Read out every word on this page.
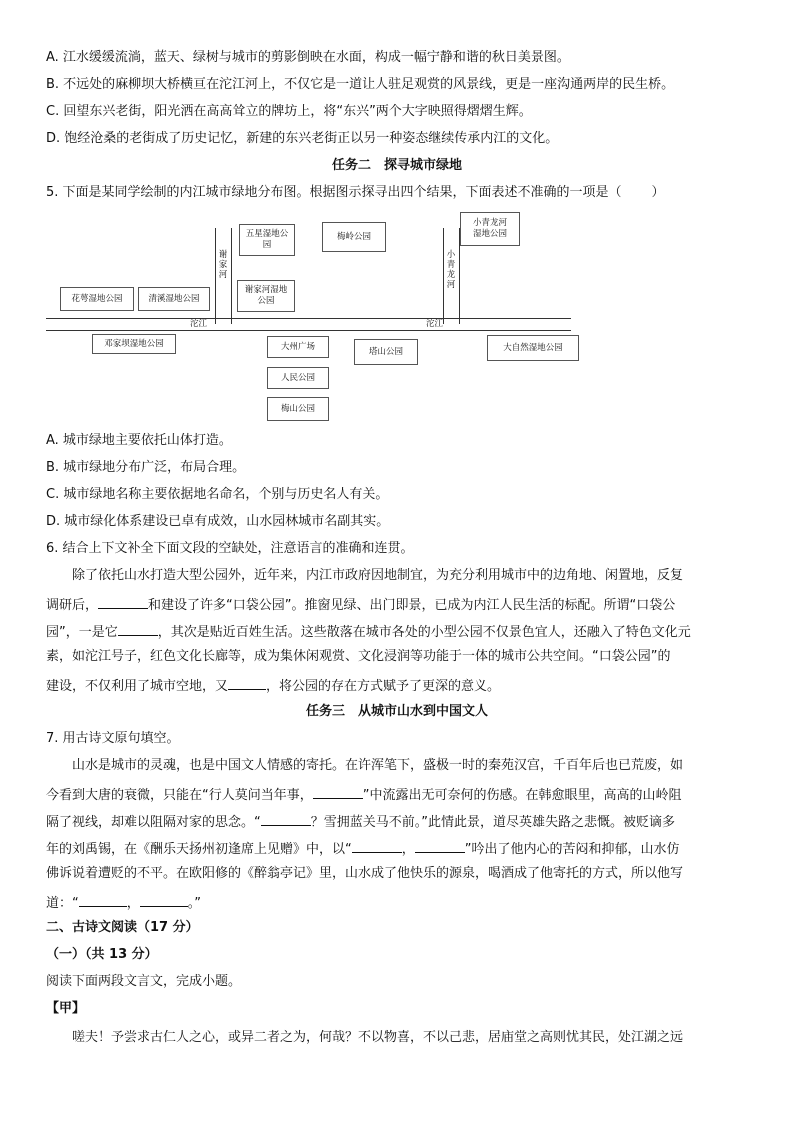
A. 江水缓缓流淌，蓝天、绿树与城市的剪影倒映在水面，构成一幅宁静和谐的秋日美景图。
B. 不远处的麻柳坝大桥横亘在沱江河上，不仅它是一道让人驻足观赏的风景线，更是一座沟通两岸的民生桥。
C. 回望东兴老街，阳光洒在高高耸立的牌坊上，将“东兴”两个大字映照得熠熠生辉。
D. 饱经沧桑的老街成了历史记忆，新建的东兴老街正以另一种姿态继续传承内江的文化。
任务二　探寻城市绿地
5. 下面是某同学绘制的内江城市绿地分布图。根据图示探寻出四个结果，下面表述不准确的一项是（ ）
谢家河
小青龙河
沱江	沱江
五星湿地公园
梅岭公园
小青龙河湿地公园
花萼湿地公园	清溪湿地公园
谢家河湿地公园
邓家坝湿地公园	大州广场	塔山公园	大自然湿地公园
人民公园
梅山公园
A. 城市绿地主要依托山体打造。
B. 城市绿地分布广泛，布局合理。
C. 城市绿地名称主要依据地名命名，个别与历史名人有关。
D. 城市绿化体系建设已卓有成效，山水园林城市名副其实。
6. 结合上下文补全下面文段的空缺处，注意语言的准确和连贯。
除了依托山水打造大型公园外，近年来，内江市政府因地制宜，为充分利用城市中的边角地、闲置地，反复
调研后，	和建设了许多“口袋公园”。推窗见绿、出门即景，已成为内江人民生活的标配。所谓“口袋公
园”，一是它	，其次是贴近百姓生活。这些散落在城市各处的小型公园不仅景色宜人，还融入了特色文化元
素，如沱江号子，红色文化长廊等，成为集休闲观赏、文化浸润等功能于一体的城市公共空间。“口袋公园”的
建设，不仅利用了城市空地，又	，将公园的存在方式赋予了更深的意义。
任务三　从城市山水到中国文人
7. 用古诗文原句填空。
山水是城市的灵魂，也是中国文人情感的寄托。在许浑笔下，盛极一时的秦苑汉宫，千百年后也已荒废，如
今看到大唐的衰微，只能在“行人莫问当年事，	”中流露出无可奈何的伤感。在韩愈眼里，高高的山岭阻
隔了视线，却难以阻隔对家的思念。“	？雪拥蓝关马不前。”此情此景，道尽英雄失路之悲慨。被贬谪多
年的刘禹锡，在《酬乐天扬州初逢席上见赠》中，以“	，	”吟出了他内心的苦闷和抑郁，山水仿
佛诉说着遭贬的不平。在欧阳修的《醉翁亭记》里，山水成了他快乐的源泉，喝酒成了他寄托的方式，所以他写
道：“	，	。”
二、古诗文阅读（17 分）
（一）（共 13 分）
阅读下面两段文言文，完成小题。
【甲】
嗟夫！予尝求古仁人之心，或异二者之为，何哉？不以物喜，不以己悲，居庙堂之高则忧其民，处江湖之远
